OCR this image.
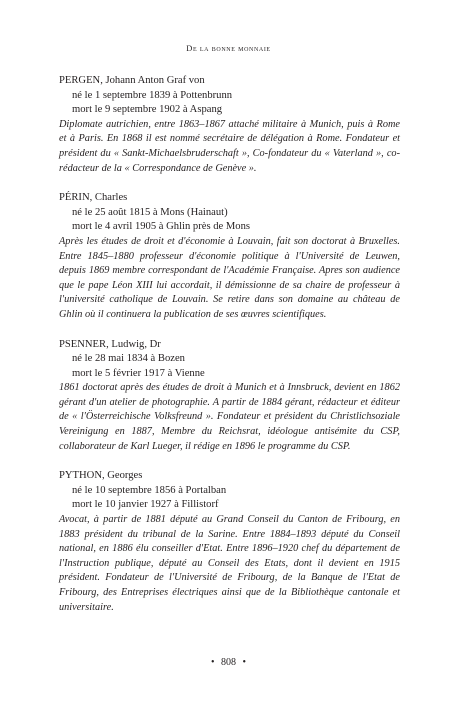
De la bonne monnaie
PERGEN, Johann Anton Graf von
né le 1 septembre 1839 à Pottenbrunn
mort le 9 septembre 1902 à Aspang
Diplomate autrichien, entre 1863–1867 attaché militaire à Munich, puis à Rome et à Paris. En 1868 il est nommé secrétaire de délégation à Rome. Fondateur et président du « Sankt-Michaelsbruderschaft », Co-fondateur du « Vaterland », co-rédacteur de la « Correspondance de Genève ».
PÉRIN, Charles
né le 25 août 1815 à Mons (Hainaut)
mort le 4 avril 1905 à Ghlin près de Mons
Après les études de droit et d'économie à Louvain, fait son doctorat à Bruxelles. Entre 1845–1880 professeur d'économie politique à l'Université de Leuwen, depuis 1869 membre correspondant de l'Académie Française. Apres son audience que le pape Léon XIII lui accordait, il démissionne de sa chaire de professeur à l'université catholique de Louvain. Se retire dans son domaine au château de Ghlin où il continuera la publication de ses œuvres scientifiques.
PSENNER, Ludwig, Dr
né le 28 mai 1834 à Bozen
mort le 5 février 1917 à Vienne
1861 doctorat après des études de droit à Munich et à Innsbruck, devient en 1862 gérant d'un atelier de photographie. A partir de 1884 gérant, rédacteur et éditeur de « l'Österreichische Volksfreund ». Fondateur et président du Christlichsoziale Vereinigung en 1887, Membre du Reichsrat, idéologue antisémite du CSP, collaborateur de Karl Lueger, il rédige en 1896 le programme du CSP.
PYTHON, Georges
né le 10 septembre 1856 à Portalban
mort le 10 janvier 1927 à Fillistorf
Avocat, à partir de 1881 député au Grand Conseil du Canton de Fribourg, en 1883 président du tribunal de la Sarine. Entre 1884–1893 député du Conseil national, en 1886 élu conseiller d'Etat. Entre 1896–1920 chef du département de l'Instruction publique, député au Conseil des Etats, dont il devient en 1915 président. Fondateur de l'Université de Fribourg, de la Banque de l'Etat de Fribourg, des Entreprises électriques ainsi que de la Bibliothèque cantonale et universitaire.
• 808 •
